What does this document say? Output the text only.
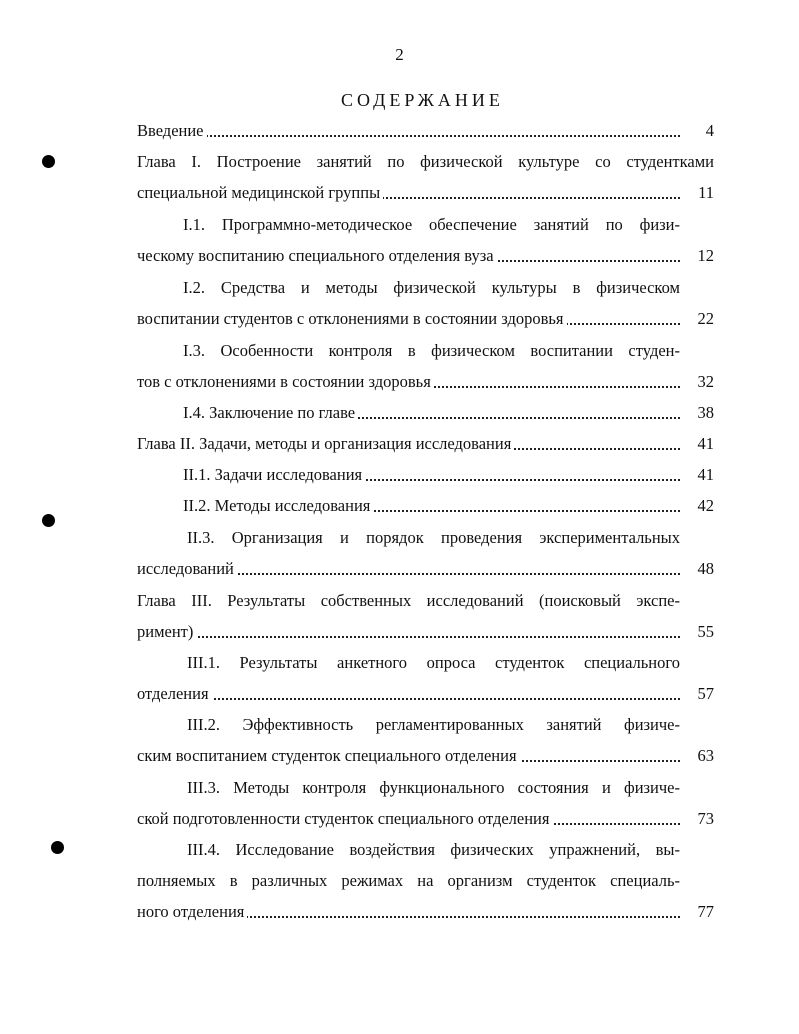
2
СОДЕРЖАНИЕ
Введение	4
Глава I. Построение занятий по физической культуре со студентками
специальной медицинской группы	11
I.1. Программно-методическое обеспечение занятий по физи-
ческому воспитанию специального отделения вуза	12
I.2. Средства и методы физической культуры в физическом
воспитании студентов с отклонениями в состоянии здоровья	22
I.3. Особенности контроля в физическом воспитании студен-
тов с отклонениями в состоянии здоровья	32
I.4. Заключение по главе	38
Глава II. Задачи, методы и организация исследования	41
II.1. Задачи исследования	41
II.2. Методы исследования	42
II.3. Организация и порядок проведения экспериментальных
исследований	48
Глава III. Результаты собственных исследований (поисковый экспе-
римент)	55
III.1. Результаты анкетного опроса студенток специального
отделения	57
III.2. Эффективность регламентированных занятий физиче-
ским воспитанием студенток специального отделения	63
III.3. Методы контроля функционального состояния и физиче-
ской подготовленности студенток специального отделения	73
III.4. Исследование воздействия физических упражнений, вы-
полняемых в различных режимах на организм студенток специаль-
ного отделения	77
